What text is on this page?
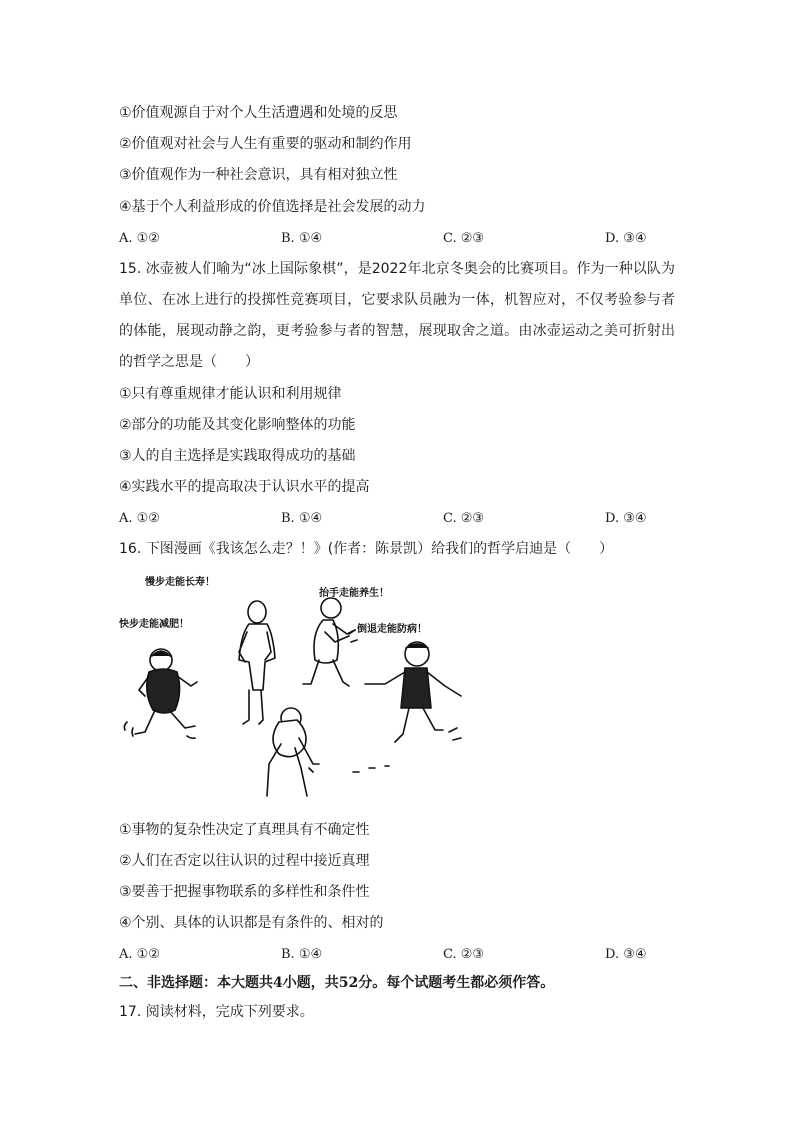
①价值观源自于对个人生活遭遇和处境的反思
②价值观对社会与人生有重要的驱动和制约作用
③价值观作为一种社会意识，具有相对独立性
④基于个人利益形成的价值选择是社会发展的动力
A. ①②	B. ①④	C. ②③	D. ③④
15. 冰壶被人们喻为“冰上国际象棋”，是2022年北京冬奥会的比赛项目。作为一种以队为单位、在冰上进行的投掷性竞赛项目，它要求队员融为一体，机智应对，不仅考验参与者的体能，展现动静之韵，更考验参与者的智慧，展现取舍之道。由冰壶运动之美可折射出的哲学之思是（　　）
①只有尊重规律才能认识和利用规律
②部分的功能及其变化影响整体的功能
③人的自主选择是实践取得成功的基础
④实践水平的提高取决于认识水平的提高
A. ①②	B. ①④	C. ②③	D. ③④
16. 下图漫画《我该怎么走？！》(作者：陈景凯）给我们的哲学启迪是（　　）
慢步走能长寿！
快步走能减肥！
抬手走能养生！
倒退走能防病！
①事物的复杂性决定了真理具有不确定性
②人们在否定以往认识的过程中接近真理
③要善于把握事物联系的多样性和条件性
④个别、具体的认识都是有条件的、相对的
A. ①②	B. ①④	C. ②③	D. ③④
二、非选择题：本大题共4小题，共52分。每个试题考生都必须作答。
17. 阅读材料，完成下列要求。
